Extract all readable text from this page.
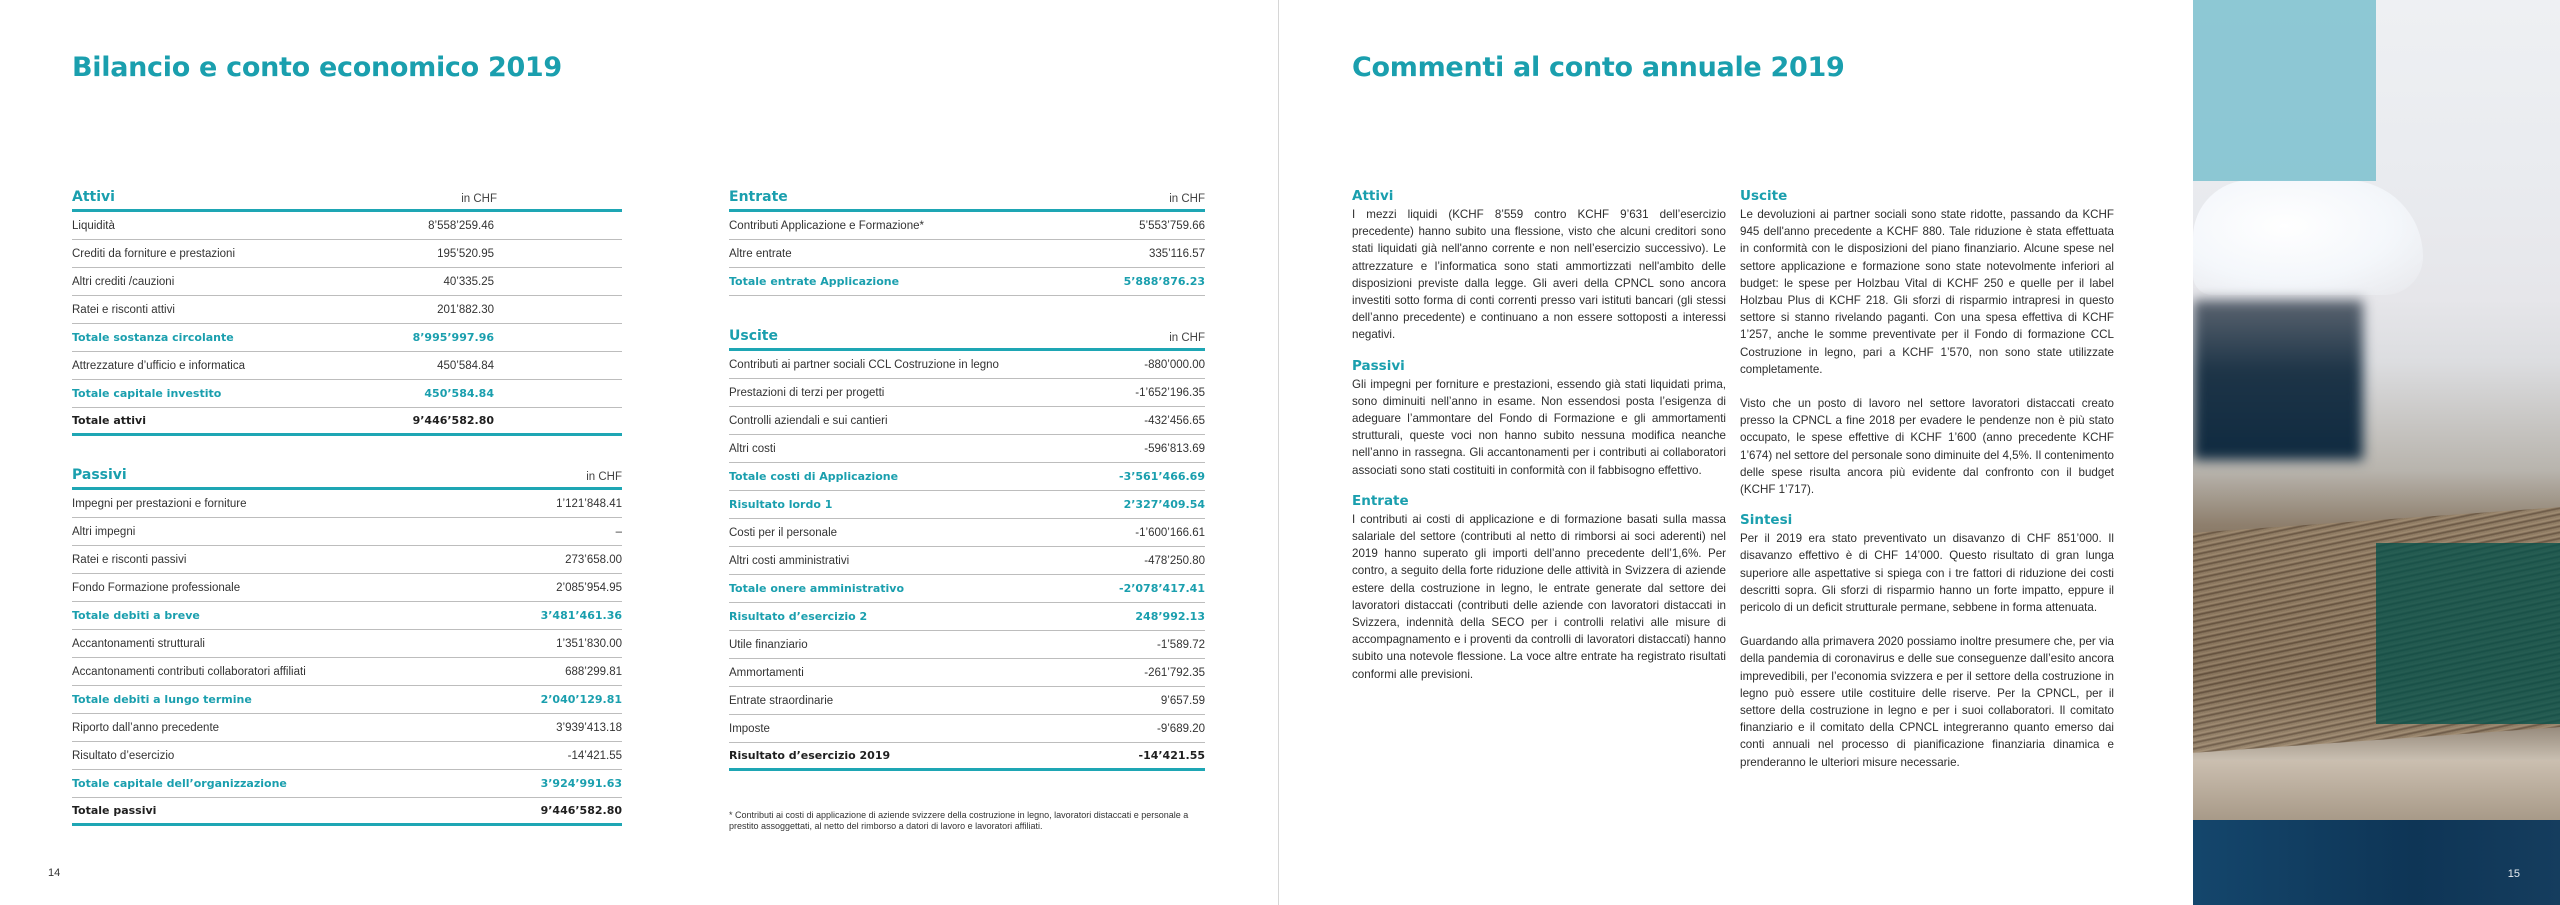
Bilancio e conto economico 2019
Attivi	in CHF
Liquidità	8’558’259.46
Crediti da forniture e prestazioni	195’520.95
Altri crediti /cauzioni	40’335.25
Ratei e risconti attivi	201’882.30
Totale sostanza circolante	8’995’997.96
Attrezzature d’ufficio e informatica	450’584.84
Totale capitale investito	450’584.84
Totale attivi	9’446’582.80
Passivi	in CHF
Impegni per prestazioni e forniture	1’121’848.41
Altri impegni	–
Ratei e risconti passivi	273’658.00
Fondo Formazione professionale	2’085’954.95
Totale debiti a breve	3’481’461.36
Accantonamenti strutturali	1’351’830.00
Accantonamenti contributi collaboratori affiliati	688’299.81
Totale debiti a lungo termine	2’040’129.81
Riporto dall’anno precedente	3’939’413.18
Risultato d’esercizio	-14’421.55
Totale capitale dell’organizzazione	3’924’991.63
Totale passivi	9’446’582.80
Entrate	in CHF
Contributi Applicazione e Formazione*	5’553’759.66
Altre entrate	335’116.57
Totale entrate Applicazione	5’888’876.23
Uscite	in CHF
Contributi ai partner sociali CCL Costruzione in legno	-880’000.00
Prestazioni di terzi per progetti	-1’652’196.35
Controlli aziendali e sui cantieri	-432’456.65
Altri costi	-596’813.69
Totale costi di Applicazione	-3’561’466.69
Risultato lordo 1	2’327’409.54
Costi per il personale	-1’600’166.61
Altri costi amministrativi	-478’250.80
Totale onere amministrativo	-2’078’417.41
Risultato d’esercizio 2	248’992.13
Utile finanziario	-1’589.72
Ammortamenti	-261’792.35
Entrate straordinarie	9’657.59
Imposte	-9’689.20
Risultato d’esercizio 2019	-14’421.55

* Contributi ai costi di applicazione di aziende svizzere della costruzione in legno, lavoratori distaccati e personale a prestito assoggettati, al netto del rimborso a datori di lavoro e lavoratori affiliati.

14
Commenti al conto annuale 2019
Attivi

I mezzi liquidi (KCHF 8’559 contro KCHF 9’631 dell’esercizio precedente) hanno subito una flessione, visto che alcuni creditori sono stati liquidati già nell'anno corrente e non nell’esercizio successivo). Le attrezzature e l’informatica sono stati ammortizzati nell'ambito delle disposizioni previste dalla legge. Gli averi della CPNCL sono ancora investiti sotto forma di conti correnti presso vari istituti bancari (gli stessi dell’anno precedente) e continuano a non essere sottoposti a interessi negativi.

Passivi

Gli impegni per forniture e prestazioni, essendo già stati liquidati prima, sono diminuiti nell’anno in esame. Non essendosi posta l’esigenza di adeguare l’ammontare del Fondo di Formazione e gli ammortamenti strutturali, queste voci non hanno subito nessuna modifica neanche nell’anno in rassegna. Gli accantonamenti per i contributi ai collaboratori associati sono stati costituiti in conformità con il fabbisogno effettivo.

Entrate

I contributi ai costi di applicazione e di formazione basati sulla massa salariale del settore (contributi al netto di rimborsi ai soci aderenti) nel 2019 hanno superato gli importi dell’anno precedente dell’1,6%. Per contro, a seguito della forte riduzione delle attività in Svizzera di aziende estere della costruzione in legno, le entrate generate dal settore dei lavoratori distaccati (contributi delle aziende con lavoratori distaccati in Svizzera, indennità della SECO per i controlli relativi alle misure di accompagnamento e i proventi da controlli di lavoratori distaccati) hanno subito una notevole flessione. La voce altre entrate ha registrato risultati conformi alle previsioni.

Uscite

Le devoluzioni ai partner sociali sono state ridotte, passando da KCHF 945 dell'anno precedente a KCHF 880. Tale riduzione è stata effettuata in conformità con le disposizioni del piano finanziario. Alcune spese nel settore applicazione e formazione sono state notevolmente inferiori al budget: le spese per Holzbau Vital di KCHF 250 e quelle per il label Holzbau Plus di KCHF 218. Gli sforzi di risparmio intrapresi in questo settore si stanno rivelando paganti. Con una spesa effettiva di KCHF 1’257, anche le somme preventivate per il Fondo di formazione CCL Costruzione in legno, pari a KCHF 1’570, non sono state utilizzate completamente.

Visto che un posto di lavoro nel settore lavoratori distaccati creato presso la CPNCL a fine 2018 per evadere le pendenze non è più stato occupato, le spese effettive di KCHF 1’600 (anno precedente KCHF 1’674) nel settore del personale sono diminuite del 4,5%. Il contenimento delle spese risulta ancora più evidente dal confronto con il budget (KCHF 1’717).

Sintesi

Per il 2019 era stato preventivato un disavanzo di CHF 851’000. Il disavanzo effettivo è di CHF 14’000. Questo risultato di gran lunga superiore alle aspettative si spiega con i tre fattori di riduzione dei costi descritti sopra. Gli sforzi di risparmio hanno un forte impatto, eppure il pericolo di un deficit strutturale permane, sebbene in forma attenuata.

Guardando alla primavera 2020 possiamo inoltre presumere che, per via della pandemia di coronavirus e delle sue conseguenze dall’esito ancora imprevedibili, per l’economia svizzera e per il settore della costruzione in legno può essere utile costituire delle riserve. Per la CPNCL, per il settore della costruzione in legno e per i suoi collaboratori. Il comitato finanziario e il comitato della CPNCL integreranno quanto emerso dai conti annuali nel processo di pianificazione finanziaria dinamica e prenderanno le ulteriori misure necessarie.

15
